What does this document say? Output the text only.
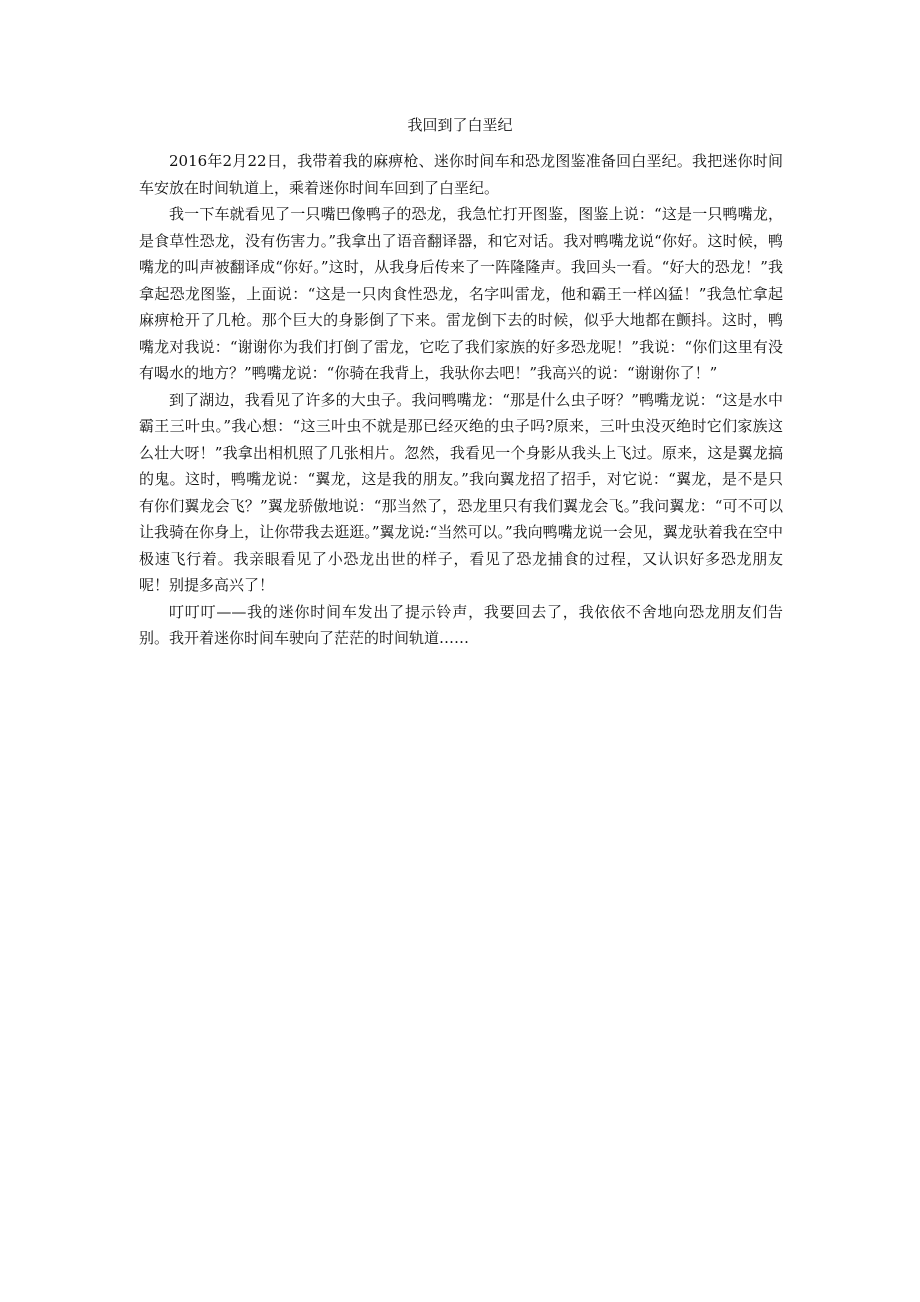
我回到了白垩纪

2016年2月22日，我带着我的麻痹枪、迷你时间车和恐龙图鉴准备回白垩纪。我把迷你时间车安放在时间轨道上，乘着迷你时间车回到了白垩纪。

我一下车就看见了一只嘴巴像鸭子的恐龙，我急忙打开图鉴，图鉴上说：“这是一只鸭嘴龙，是食草性恐龙，没有伤害力。”我拿出了语音翻译器，和它对话。我对鸭嘴龙说“你好。这时候，鸭嘴龙的叫声被翻译成“你好。”这时，从我身后传来了一阵隆隆声。我回头一看。“好大的恐龙！”我拿起恐龙图鉴，上面说：“这是一只肉食性恐龙，名字叫雷龙，他和霸王一样凶猛！”我急忙拿起麻痹枪开了几枪。那个巨大的身影倒了下来。雷龙倒下去的时候，似乎大地都在颤抖。这时，鸭嘴龙对我说：“谢谢你为我们打倒了雷龙，它吃了我们家族的好多恐龙呢！”我说：“你们这里有没有喝水的地方？”鸭嘴龙说：“你骑在我背上，我驮你去吧！”我高兴的说：“谢谢你了！”

到了湖边，我看见了许多的大虫子。我问鸭嘴龙：“那是什么虫子呀？”鸭嘴龙说：“这是水中霸王三叶虫。”我心想：“这三叶虫不就是那已经灭绝的虫子吗?原来，三叶虫没灭绝时它们家族这么壮大呀！”我拿出相机照了几张相片。忽然，我看见一个身影从我头上飞过。原来，这是翼龙搞的鬼。这时，鸭嘴龙说：“翼龙，这是我的朋友。”我向翼龙招了招手，对它说：“翼龙，是不是只有你们翼龙会飞？”翼龙骄傲地说：“那当然了，恐龙里只有我们翼龙会飞。”我问翼龙：“可不可以让我骑在你身上，让你带我去逛逛。”翼龙说:“当然可以。”我向鸭嘴龙说一会见，翼龙驮着我在空中极速飞行着。我亲眼看见了小恐龙出世的样子，看见了恐龙捕食的过程，又认识好多恐龙朋友呢！别提多高兴了！

叮叮叮——我的迷你时间车发出了提示铃声，我要回去了，我依依不舍地向恐龙朋友们告别。我开着迷你时间车驶向了茫茫的时间轨道……
